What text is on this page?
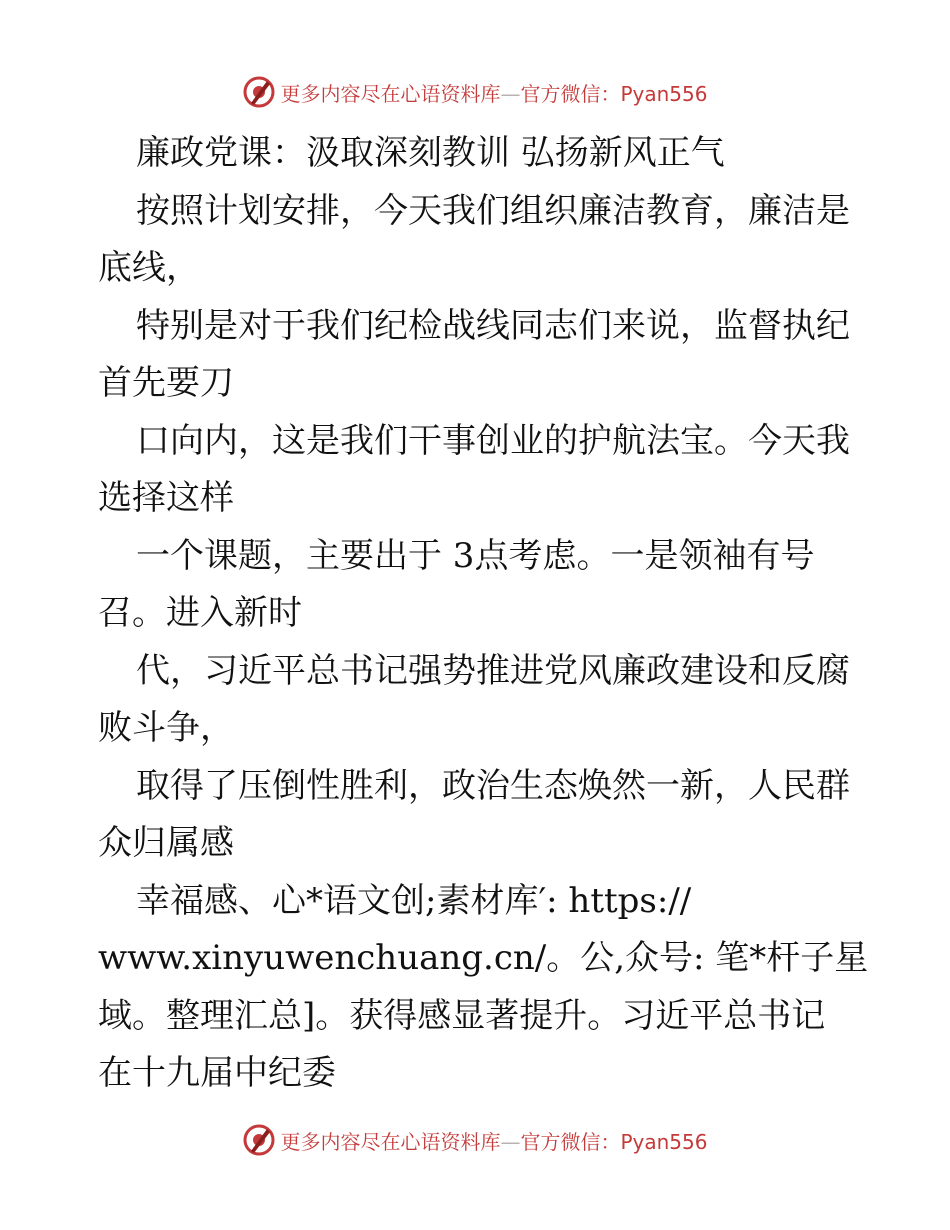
更多内容尽在心语资料库—官方微信：Pyan556
廉政党课：汲取深刻教训 弘扬新风正气
按照计划安排，今天我们组织廉洁教育，廉洁是
底线，
特别是对于我们纪检战线同志们来说，监督执纪
首先要刀
口向内，这是我们干事创业的护航法宝。今天我
选择这样
一个课题，主要出于 3点考虑。一是领袖有号
召。进入新时
代，习近平总书记强势推进党风廉政建设和反腐
败斗争，
取得了压倒性胜利，政治生态焕然一新，人民群
众归属感
幸福感、心*语文创;素材库′: https://
www.xinyuwenchuang.cn/。公,众号: 笔*杆子星
域。整理汇总]。获得感显著提升。习近平总书记
在十九届中纪委
更多内容尽在心语资料库—官方微信：Pyan556
